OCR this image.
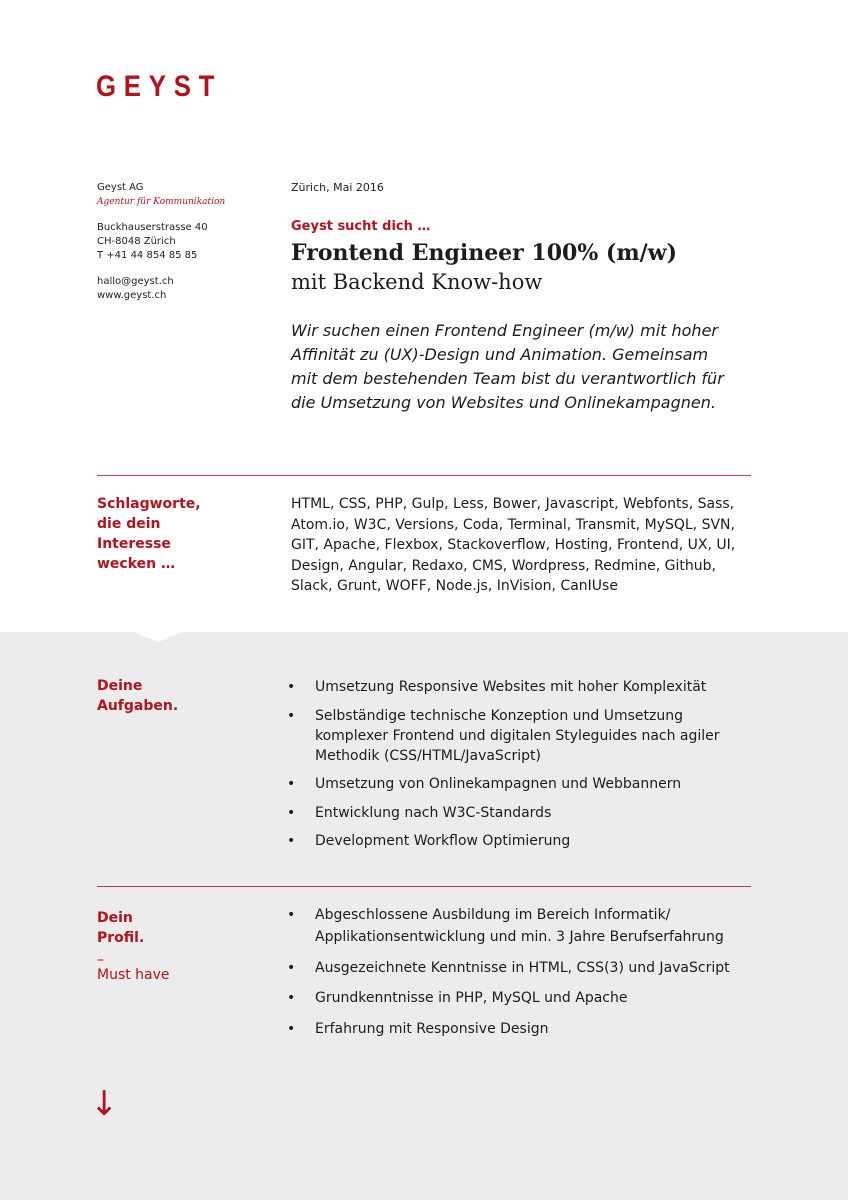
GEYST
Geyst AG
Agentur für Kommunikation
Buckhauserstrasse 40
CH-8048 Zürich
T +41 44 854 85 85
hallo@geyst.ch
www.geyst.ch
Zürich, Mai 2016
Geyst sucht dich …
Frontend Engineer 100% (m/w)
mit Backend Know-how
Wir suchen einen Frontend Engineer (m/w) mit hoher Affinität zu (UX)-Design und Animation. Gemeinsam mit dem bestehenden Team bist du verantwortlich für die Umsetzung von Websites und Onlinekampagnen.
Schlagworte,
die dein
Interesse
wecken …
HTML, CSS, PHP, Gulp, Less, Bower, Javascript, Webfonts, Sass, Atom.io, W3C, Versions, Coda, Terminal, Transmit, MySQL, SVN, GIT, Apache, Flexbox, Stackoverflow, Hosting, Frontend, UX, UI, Design, Angular, Redaxo, CMS, Wordpress, Redmine, Github, Slack, Grunt, WOFF, Node.js, InVision, CanIUse
Deine
Aufgaben.
• Umsetzung Responsive Websites mit hoher Komplexität
• Selbständige technische Konzeption und Umsetzung komplexer Frontend und digitalen Styleguides nach agiler Methodik (CSS/HTML/JavaScript)
• Umsetzung von Onlinekampagnen und Webbannern
• Entwicklung nach W3C-Standards
• Development Workflow Optimierung
Dein
Profil.
–
Must have
• Abgeschlossene Ausbildung im Bereich Informatik/ Applikationsentwicklung und min. 3 Jahre Berufserfahrung
• Ausgezeichnete Kenntnisse in HTML, CSS(3) und JavaScript
• Grundkenntnisse in PHP, MySQL und Apache
• Erfahrung mit Responsive Design
↓
